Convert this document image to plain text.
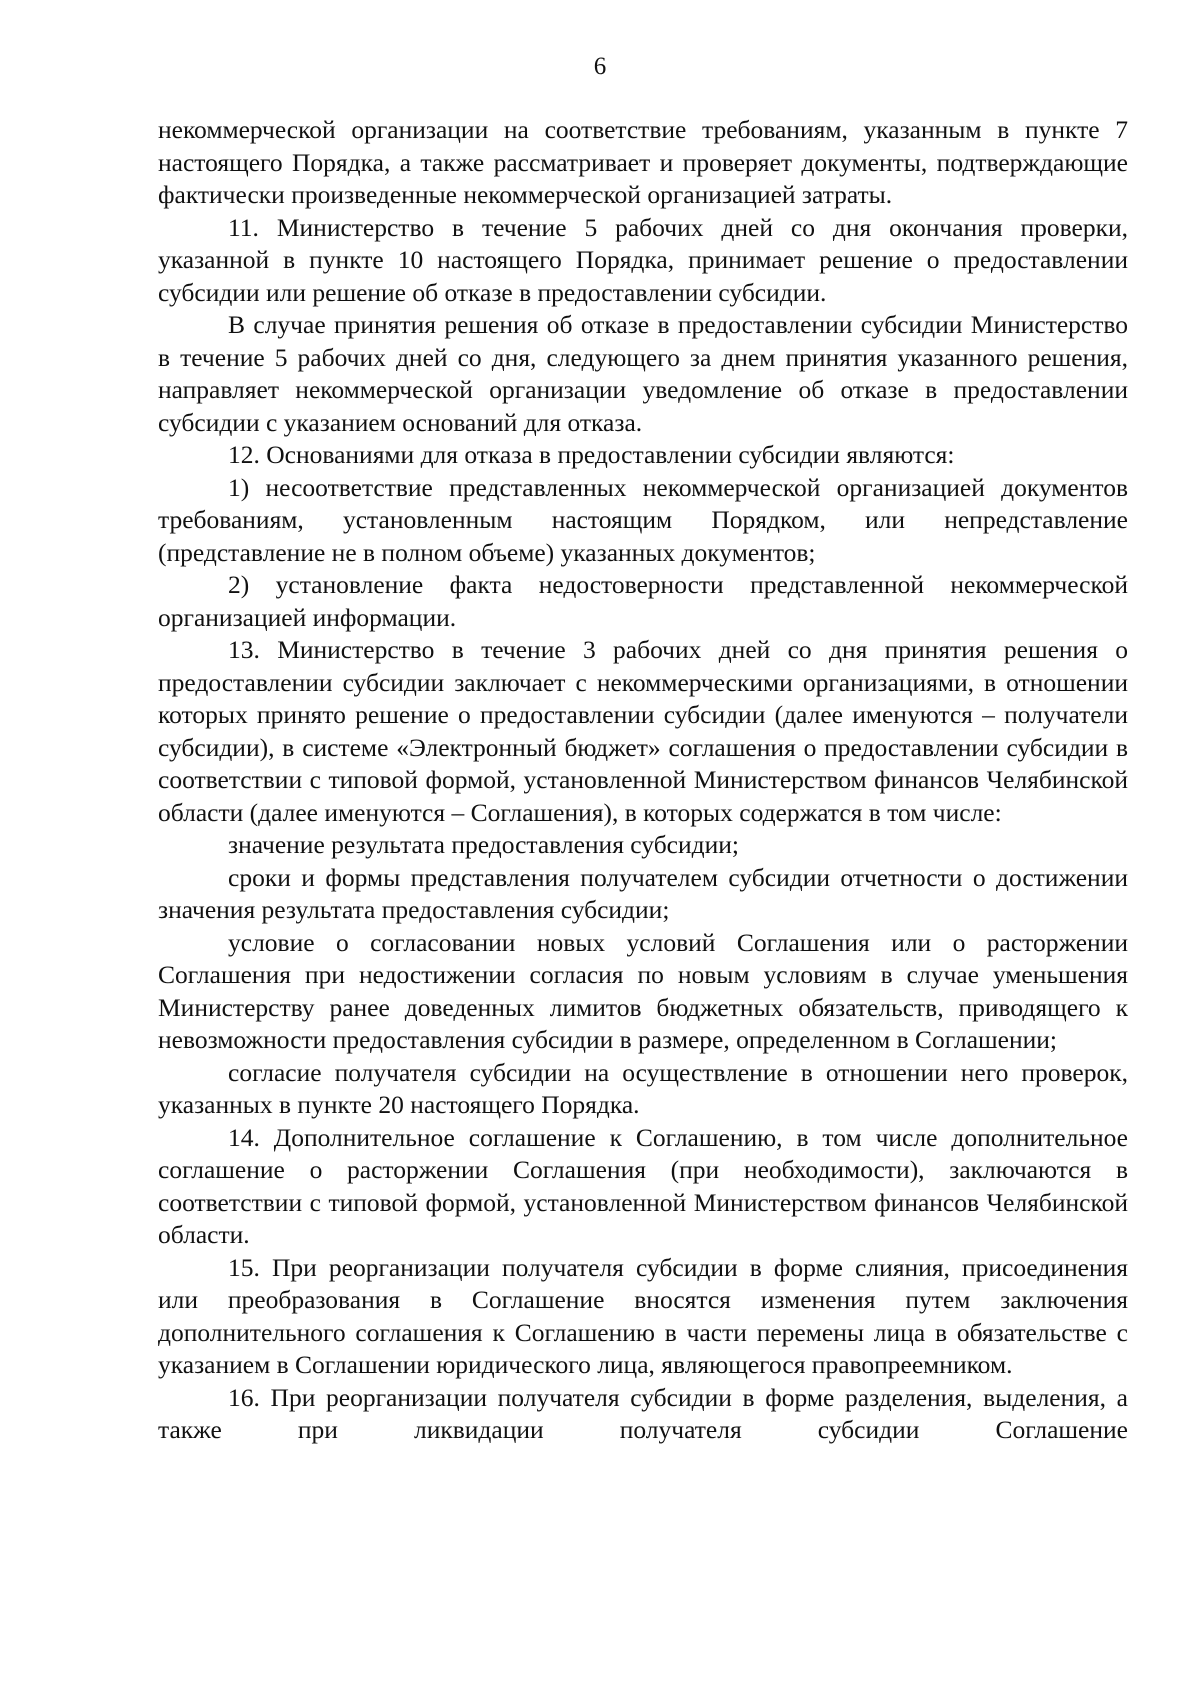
6

некоммерческой организации на соответствие требованиям, указанным в пункте 7 настоящего Порядка, а также рассматривает и проверяет документы, подтверждающие фактически произведенные некоммерческой организацией затраты.

11. Министерство в течение 5 рабочих дней со дня окончания проверки, указанной в пункте 10 настоящего Порядка, принимает решение о предоставлении субсидии или решение об отказе в предоставлении субсидии.

В случае принятия решения об отказе в предоставлении субсидии Министерство в течение 5 рабочих дней со дня, следующего за днем принятия указанного решения, направляет некоммерческой организации уведомление об отказе в предоставлении субсидии с указанием оснований для отказа.

12. Основаниями для отказа в предоставлении субсидии являются:

1) несоответствие представленных некоммерческой организацией документов требованиям, установленным настоящим Порядком, или непредставление (представление не в полном объеме) указанных документов;

2) установление факта недостоверности представленной некоммерческой организацией информации.

13. Министерство в течение 3 рабочих дней со дня принятия решения о предоставлении субсидии заключает с некоммерческими организациями, в отношении которых принято решение о предоставлении субсидии (далее именуются – получатели субсидии), в системе «Электронный бюджет» соглашения о предоставлении субсидии в соответствии с типовой формой, установленной Министерством финансов Челябинской области (далее именуются – Соглашения), в которых содержатся в том числе:

значение результата предоставления субсидии;

сроки и формы представления получателем субсидии отчетности о достижении значения результата предоставления субсидии;

условие о согласовании новых условий Соглашения или о расторжении Соглашения при недостижении согласия по новым условиям в случае уменьшения Министерству ранее доведенных лимитов бюджетных обязательств, приводящего к невозможности предоставления субсидии в размере, определенном в Соглашении;

согласие получателя субсидии на осуществление в отношении него проверок, указанных в пункте 20 настоящего Порядка.

14. Дополнительное соглашение к Соглашению, в том числе дополнительное соглашение о расторжении Соглашения (при необходимости), заключаются в соответствии с типовой формой, установленной Министерством финансов Челябинской области.

15. При реорганизации получателя субсидии в форме слияния, присоединения или преобразования в Соглашение вносятся изменения путем заключения дополнительного соглашения к Соглашению в части перемены лица в обязательстве с указанием в Соглашении юридического лица, являющегося правопреемником.

16. При реорганизации получателя субсидии в форме разделения, выделения, а также при ликвидации получателя субсидии Соглашение
